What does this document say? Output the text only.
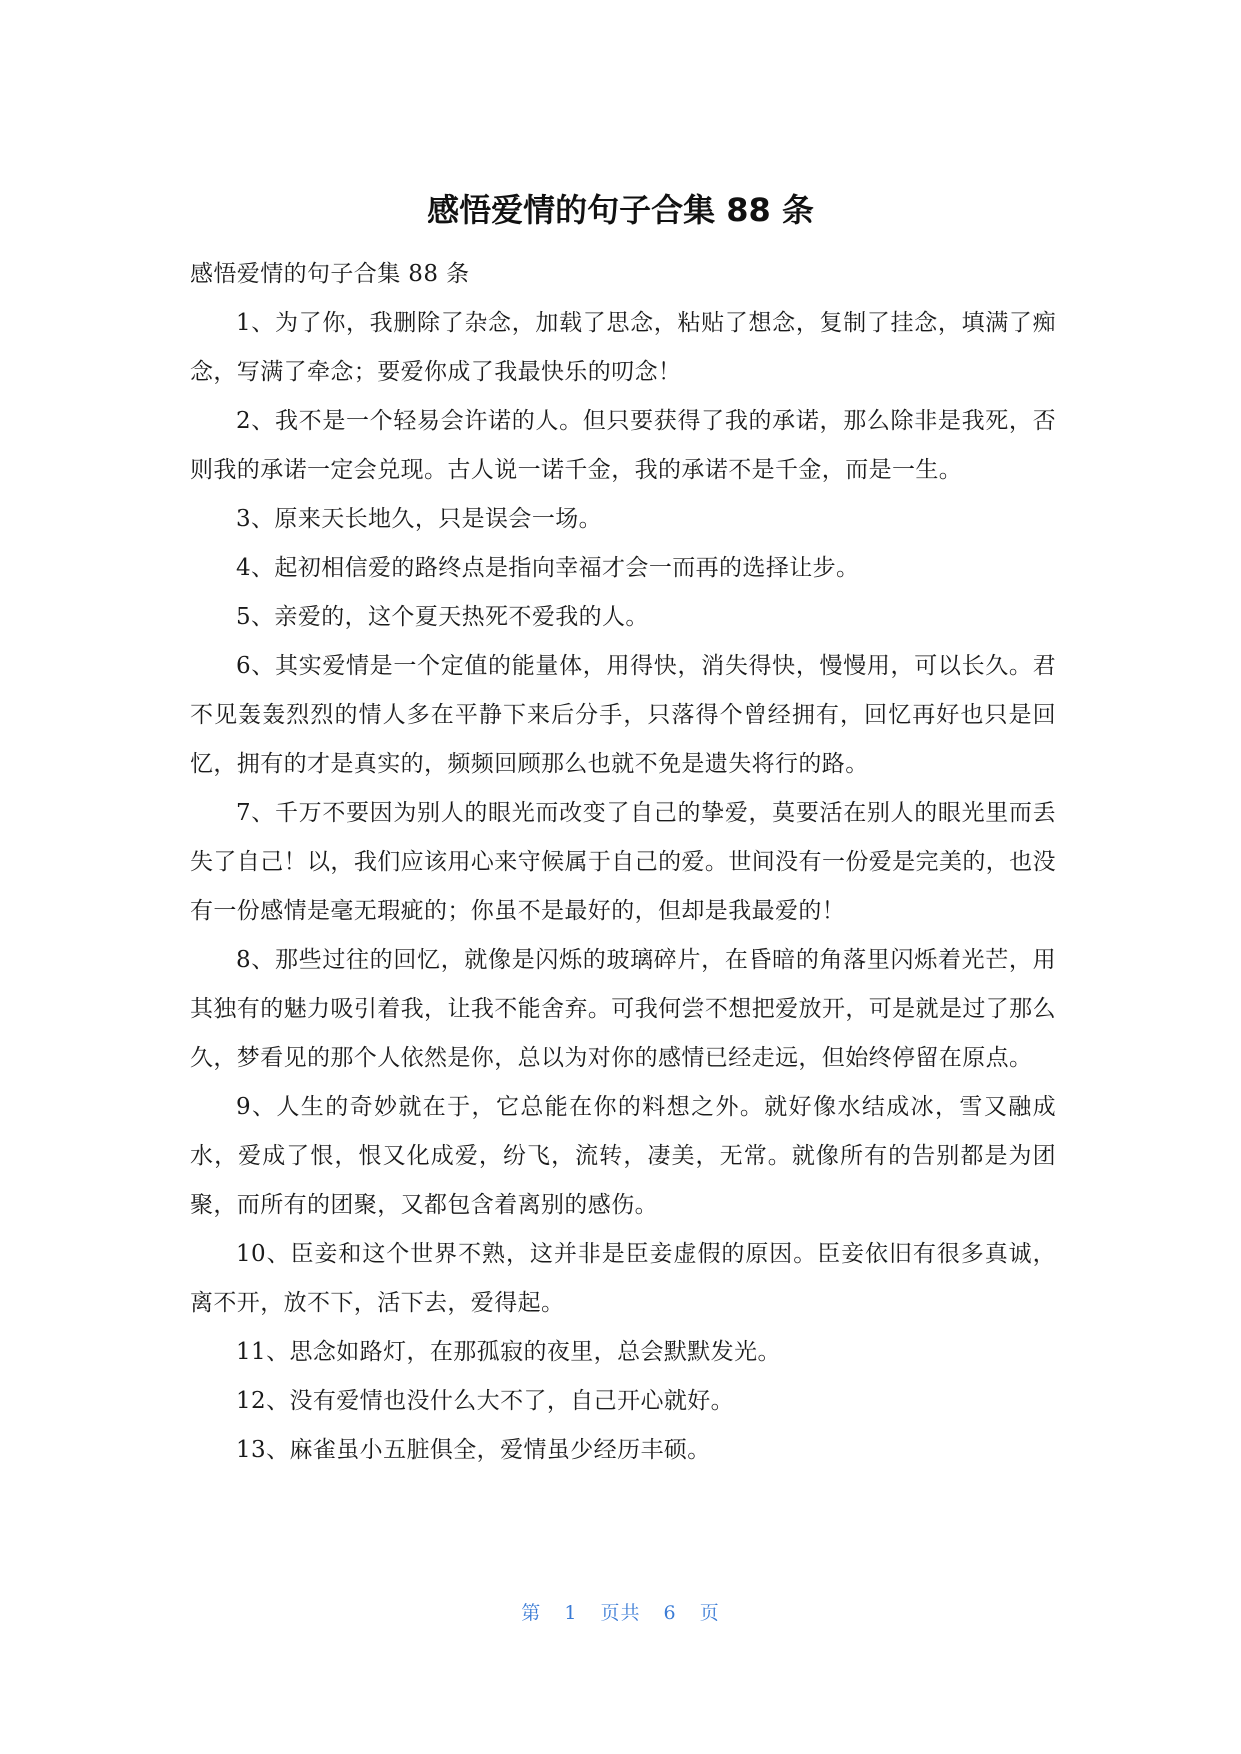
感悟爱情的句子合集 88 条

感悟爱情的句子合集 88 条

1、为了你，我删除了杂念，加载了思念，粘贴了想念，复制了挂念，填满了痴念，写满了牵念；要爱你成了我最快乐的叨念！

2、我不是一个轻易会许诺的人。但只要获得了我的承诺，那么除非是我死，否则我的承诺一定会兑现。古人说一诺千金，我的承诺不是千金，而是一生。

3、原来天长地久，只是误会一场。

4、起初相信爱的路终点是指向幸福才会一而再的选择让步。

5、亲爱的，这个夏天热死不爱我的人。

6、其实爱情是一个定值的能量体，用得快，消失得快，慢慢用，可以长久。君不见轰轰烈烈的情人多在平静下来后分手，只落得个曾经拥有，回忆再好也只是回忆，拥有的才是真实的，频频回顾那么也就不免是遗失将行的路。

7、千万不要因为别人的眼光而改变了自己的挚爱，莫要活在别人的眼光里而丢失了自己！以，我们应该用心来守候属于自己的爱。世间没有一份爱是完美的，也没有一份感情是毫无瑕疵的；你虽不是最好的，但却是我最爱的！

8、那些过往的回忆，就像是闪烁的玻璃碎片，在昏暗的角落里闪烁着光芒，用其独有的魅力吸引着我，让我不能舍弃。可我何尝不想把爱放开，可是就是过了那么久，梦看见的那个人依然是你，总以为对你的感情已经走远，但始终停留在原点。

9、人生的奇妙就在于，它总能在你的料想之外。就好像水结成冰，雪又融成水，爱成了恨，恨又化成爱，纷飞，流转，凄美，无常。就像所有的告别都是为团聚，而所有的团聚，又都包含着离别的感伤。

10、臣妾和这个世界不熟，这并非是臣妾虚假的原因。臣妾依旧有很多真诚，离不开，放不下，活下去，爱得起。

11、思念如路灯，在那孤寂的夜里，总会默默发光。

12、没有爱情也没什么大不了，自己开心就好。

13、麻雀虽小五脏俱全，爱情虽少经历丰硕。

第 1 页共 6 页
